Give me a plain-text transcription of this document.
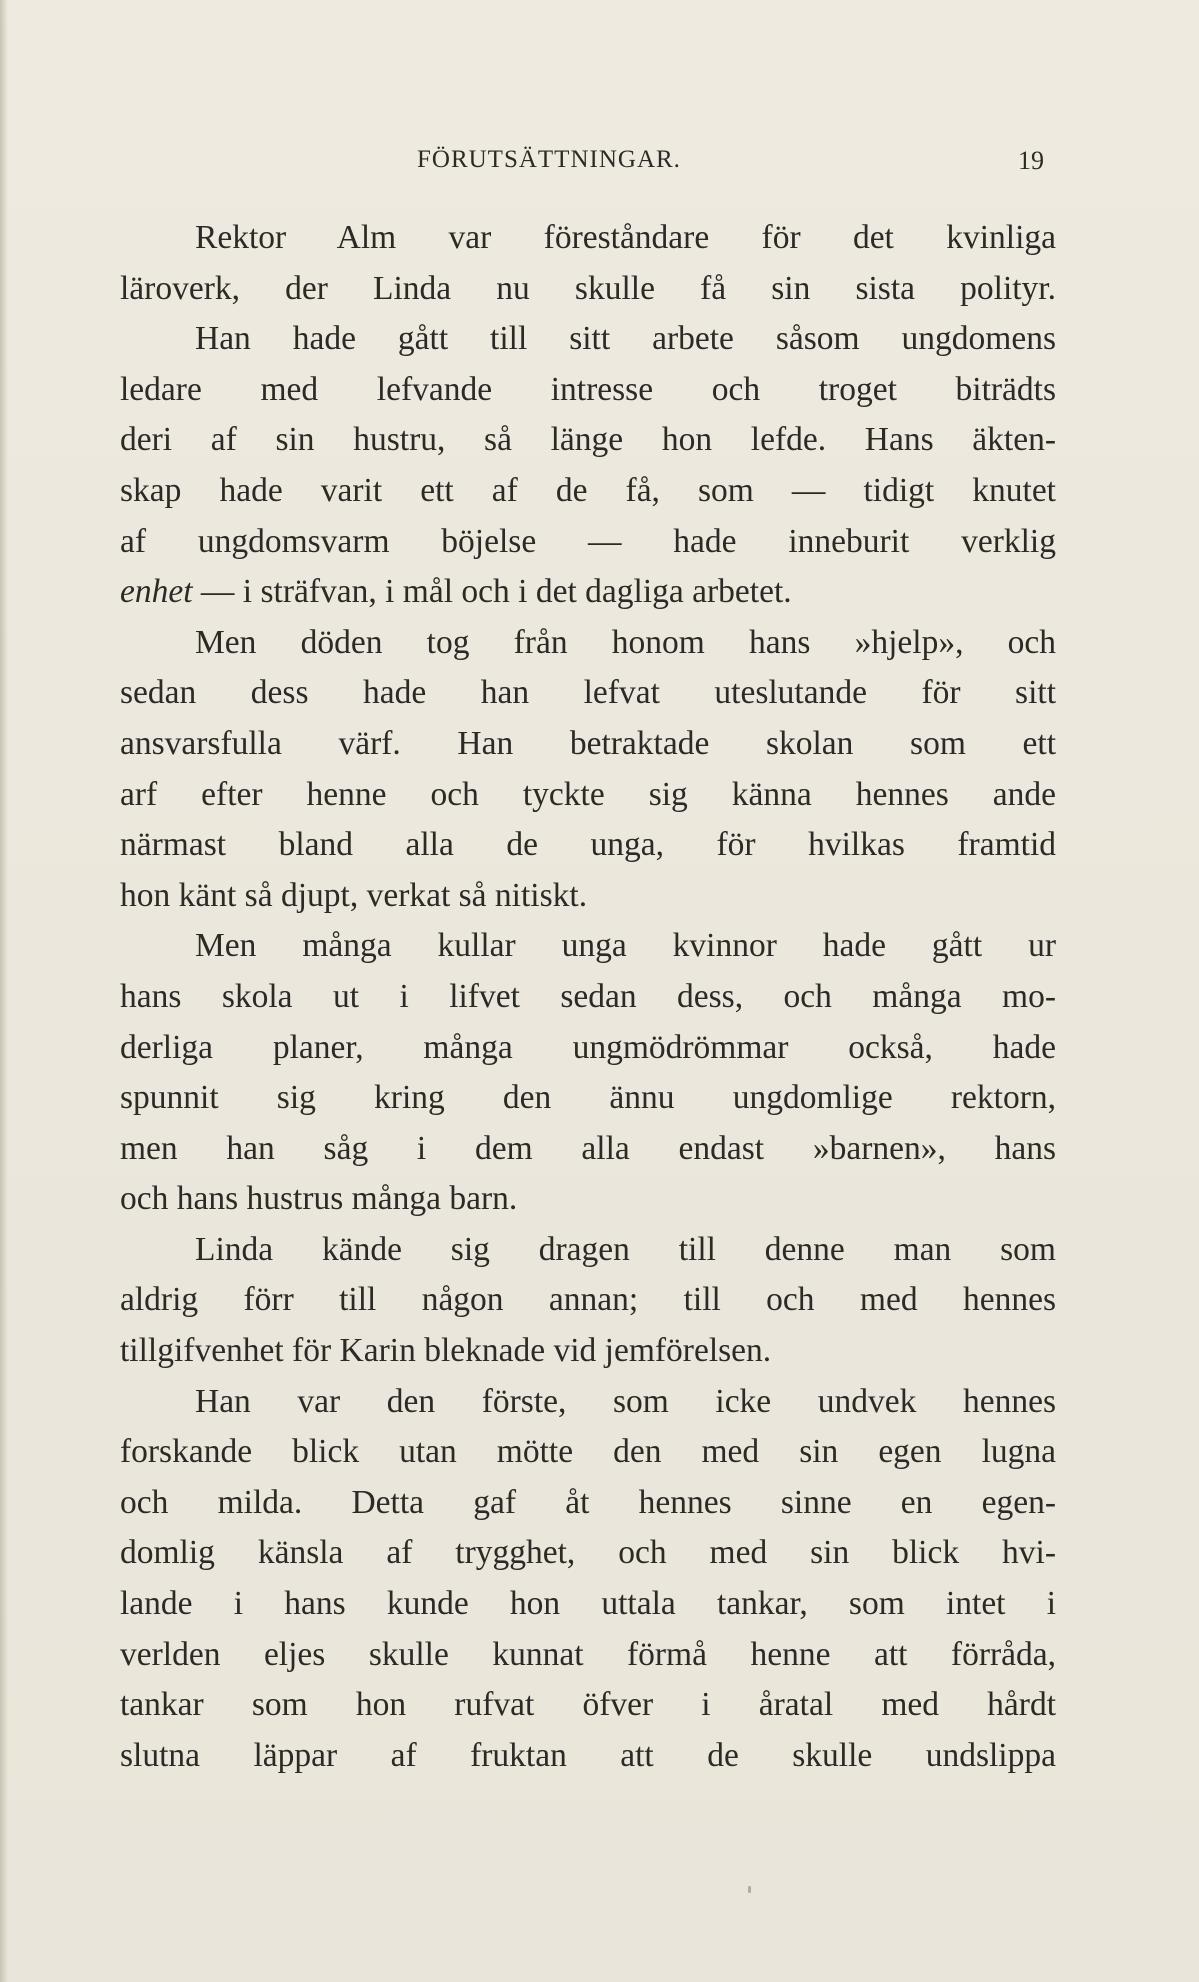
FÖRUTSÄTTNINGAR.	19
Rektor Alm var föreståndare för det kvinliga
läroverk, der Linda nu skulle få sin sista polityr.
Han hade gått till sitt arbete såsom ungdomens
ledare med lefvande intresse och troget biträdts
deri af sin hustru, så länge hon lefde. Hans äkten-
skap hade varit ett af de få, som — tidigt knutet
af ungdomsvarm böjelse — hade inneburit verklig
enhet — i sträfvan, i mål och i det dagliga arbetet.
Men döden tog från honom hans »hjelp», och
sedan dess hade han lefvat uteslutande för sitt
ansvarsfulla värf. Han betraktade skolan som ett
arf efter henne och tyckte sig känna hennes ande
närmast bland alla de unga, för hvilkas framtid
hon känt så djupt, verkat så nitiskt.
Men många kullar unga kvinnor hade gått ur
hans skola ut i lifvet sedan dess, och många mo-
derliga planer, många ungmödrömmar också, hade
spunnit sig kring den ännu ungdomlige rektorn,
men han såg i dem alla endast »barnen», hans
och hans hustrus många barn.
Linda kände sig dragen till denne man som
aldrig förr till någon annan; till och med hennes
tillgifvenhet för Karin bleknade vid jemförelsen.
Han var den förste, som icke undvek hennes
forskande blick utan mötte den med sin egen lugna
och milda. Detta gaf åt hennes sinne en egen-
domlig känsla af trygghet, och med sin blick hvi-
lande i hans kunde hon uttala tankar, som intet i
verlden eljes skulle kunnat förmå henne att förråda,
tankar som hon rufvat öfver i åratal med hårdt
slutna läppar af fruktan att de skulle undslippa
